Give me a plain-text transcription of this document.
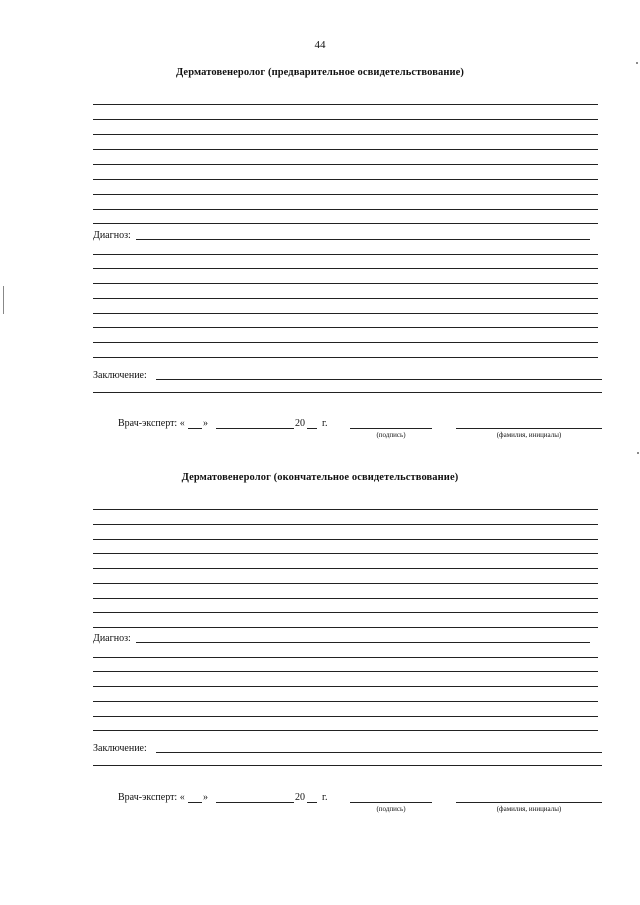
44
Дерматовенеролог (предварительное освидетельствование)
Диагноз:
Заключение:
Врач-эксперт: « »	20 г.
(подпись)	(фамилия, инициалы)
Дерматовенеролог (окончательное освидетельствование)
Диагноз:
Заключение:
Врач-эксперт: « »	20 г.
(подпись)	(фамилия, инициалы)
